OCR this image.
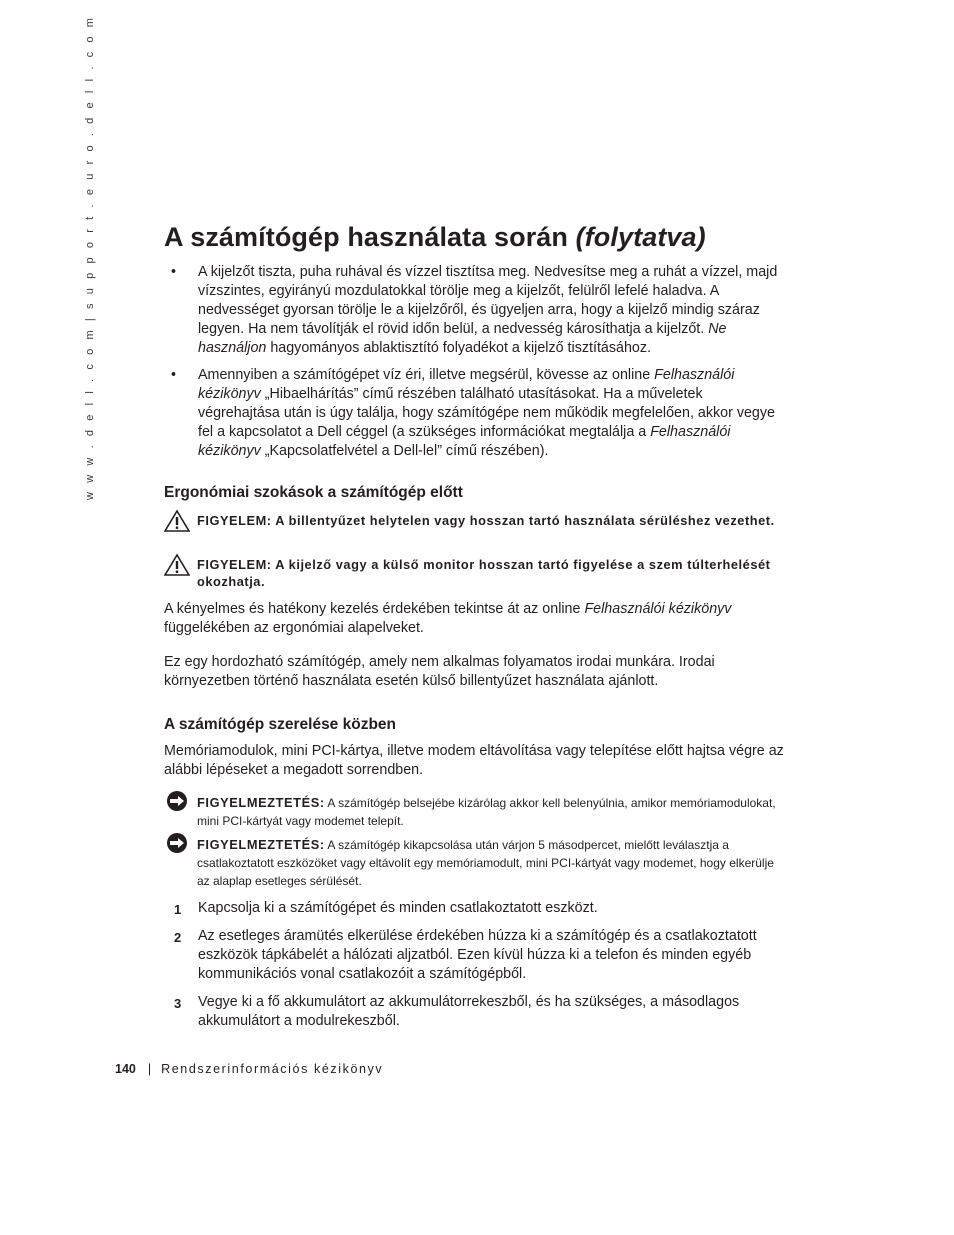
w w w . d e l l . c o m | s u p p o r t . e u r o . d e l l . c o m	A számítógép használata során (folytatva)
• A kijelzőt tiszta, puha ruhával és vízzel tisztítsa meg. Nedvesítse meg a ruhát a vízzel, majd vízszintes, egyirányú mozdulatokkal törölje meg a kijelzőt, felülről lefelé haladva. A nedvességet gyorsan törölje le a kijelzőről, és ügyeljen arra, hogy a kijelző mindig száraz legyen. Ha nem távolítják el rövid időn belül, a nedvesség károsíthatja a kijelzőt. Ne használjon hagyományos ablaktisztító folyadékot a kijelző tisztításához.

• Amennyiben a számítógépet víz éri, illetve megsérül, kövesse az online Felhasználói kézikönyv „Hibaelhárítás” című részében található utasításokat. Ha a műveletek végrehajtása után is úgy találja, hogy számítógépe nem működik megfelelően, akkor vegye fel a kapcsolatot a Dell céggel (a szükséges információkat megtalálja a Felhasználói kézikönyv „Kapcsolatfelvétel a Dell-lel” című részében).

Ergonómiai szokások a számítógép előtt

FIGYELEM: A billentyűzet helytelen vagy hosszan tartó használata sérüléshez vezethet.

FIGYELEM: A kijelző vagy a külső monitor hosszan tartó figyelése a szem túlterhelését okozhatja.

A kényelmes és hatékony kezelés érdekében tekintse át az online Felhasználói kézikönyv függelékében az ergonómiai alapelveket.

Ez egy hordozható számítógép, amely nem alkalmas folyamatos irodai munkára. Irodai környezetben történő használata esetén külső billentyűzet használata ajánlott.

A számítógép szerelése közben

Memóriamodulok, mini PCI-kártya, illetve modem eltávolítása vagy telepítése előtt hajtsa végre az alábbi lépéseket a megadott sorrendben.

FIGYELMEZTETÉS: A számítógép belsejébe kizárólag akkor kell belenyúlnia, amikor memóriamodulokat, mini PCI-kártyát vagy modemet telepít.

FIGYELMEZTETÉS: A számítógép kikapcsolása után várjon 5 másodpercet, mielőtt leválasztja a csatlakoztatott eszközöket vagy eltávolít egy memóriamodult, mini PCI-kártyát vagy modemet, hogy elkerülje az alaplap esetleges sérülését.

1 Kapcsolja ki a számítógépet és minden csatlakoztatott eszközt.

2 Az esetleges áramütés elkerülése érdekében húzza ki a számítógép és a csatlakoztatott eszközök tápkábelét a hálózati aljzatból. Ezen kívül húzza ki a telefon és minden egyéb kommunikációs vonal csatlakozóit a számítógépből.

3 Vegye ki a fő akkumulátort az akkumulátorrekeszből, és ha szükséges, a másodlagos akkumulátort a modulrekeszből.

140 | Rendszerinformációs kézikönyv
